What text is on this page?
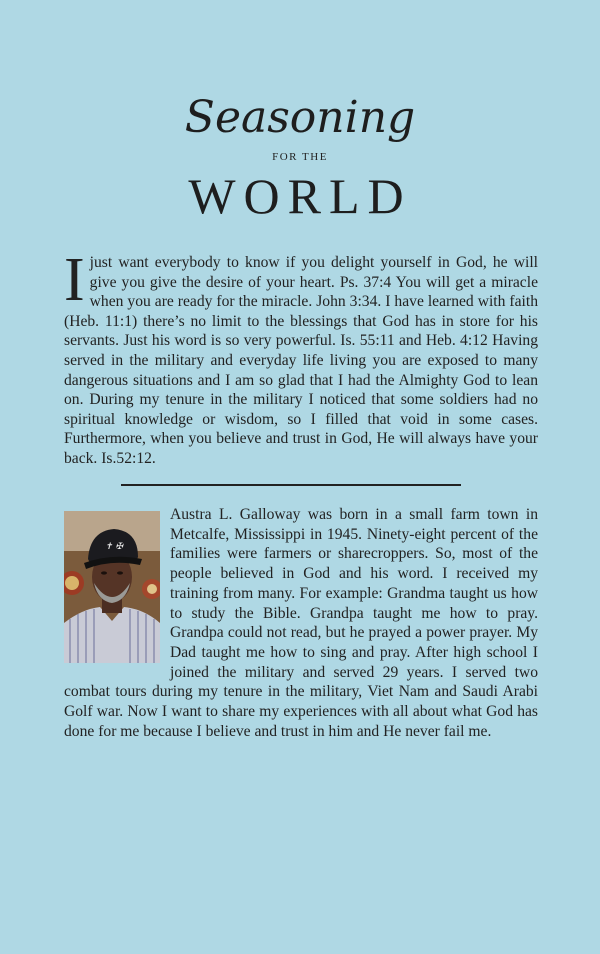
Seasoning
FOR THE
WORLD

I just want everybody to know if you delight yourself in God, he will give you give the desire of your heart. Ps. 37:4 You will get a miracle when you are ready for the miracle. John 3:34. I have learned with faith (Heb. 11:1) there’s no limit to the blessings that God has in store for his servants. Just his word is so very powerful. Is. 55:11 and Heb. 4:12 Having served in the military and everyday life living you are exposed to many dangerous situations and I am so glad that I had the Almighty God to lean on. During my tenure in the military I noticed that some soldiers had no spiritual knowledge or wisdom, so I filled that void in some cases. Furthermore, when you believe and trust in God, He will always have your back. Is.52:12.

✝ ✠
Austra L. Galloway was born in a small farm town in Metcalfe, Mississippi in 1945. Ninety-eight percent of the families were farmers or sharecroppers. So, most of the people believed in God and his word. I received my training from many. For example: Grandma taught us how to study the Bible. Grandpa taught me how to pray. Grandpa could not read, but he prayed a power prayer. My Dad taught me how to sing and pray. After high school I joined the military and served 29 years. I served two combat tours during my tenure in the military, Viet Nam and Saudi Arabi Golf war. Now I want to share my experiences with all about what God has done for me because I believe and trust in him and He never fail me.
